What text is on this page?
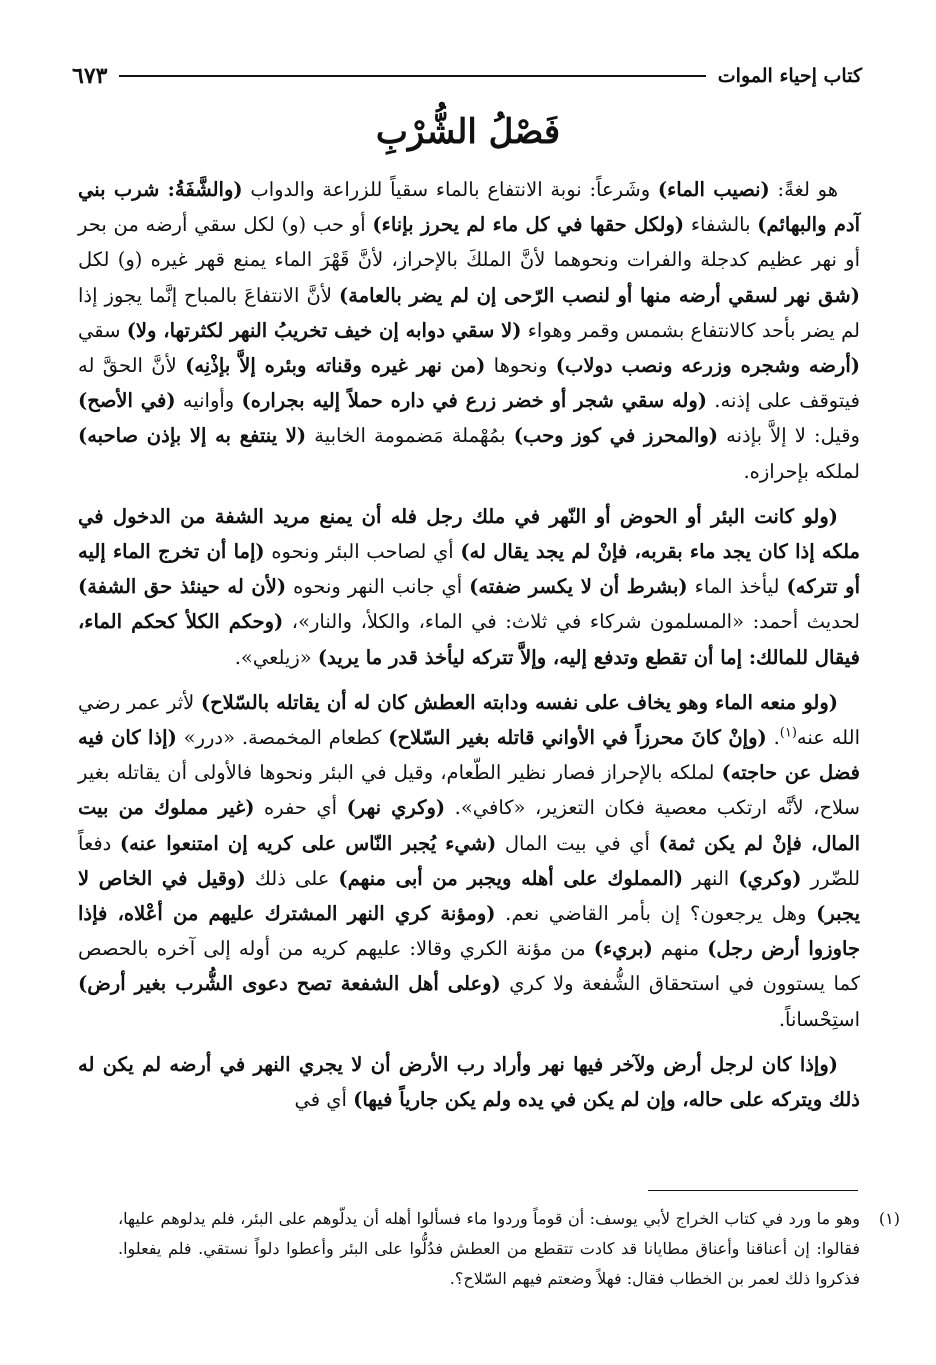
كتاب إحياء الموات
٦٧٣
فَصْلُ الشُّرْبِ

هو لغةً: (نصيب الماء) وشَرعاً: نوبة الانتفاع بالماء سقياً للزراعة والدواب (والشَّفَةُ: شرب بني آدم والبهائم) بالشفاء (ولكل حقها في كل ماء لم يحرز بإناء) أو حب (و) لكل سقي أرضه من بحر أو نهر عظيم كدجلة والفرات ونحوهما لأنَّ الملكَ بالإحراز، لأنَّ قَهْرَ الماء يمنع قهر غيره (و) لكل (شق نهر لسقي أرضه منها أو لنصب الرّحى إن لم يضر بالعامة) لأنَّ الانتفاعَ بالمباح إنَّما يجوز إذا لم يضر بأحد كالانتفاع بشمس وقمر وهواء (لا سقي دوابه إن خيف تخريبُ النهر لكثرتها، ولا) سقي (أرضه وشجره وزرعه ونصب دولاب) ونحوها (من نهر غيره وقناته وبئره إلاَّ بإذْنِه) لأنَّ الحقَّ له فيتوقف على إذنه. (وله سقي شجر أو خضر زرع في داره حملاً إليه بجراره) وأوانيه (في الأصح) وقيل: لا إلاَّ بإذنه (والمحرز في كوز وحب) بمُهْملة مَضمومة الخابية (لا ينتفع به إلا بإذن صاحبه) لملكه بإحرازه.

(ولو كانت البئر أو الحوض أو النّهر في ملك رجل فله أن يمنع مريد الشفة من الدخول في ملكه إذا كان يجد ماء بقربه، فإنْ لم يجد يقال له) أي لصاحب البئر ونحوه (إما أن تخرج الماء إليه أو تتركه) ليأخذ الماء (بشرط أن لا يكسر ضفته) أي جانب النهر ونحوه (لأن له حينئذ حق الشفة) لحديث أحمد: «المسلمون شركاء في ثلاث: في الماء، والكلأ، والنار»، (وحكم الكلأ كحكم الماء، فيقال للمالك: إما أن تقطع وتدفع إليه، وإلاَّ تتركه ليأخذ قدر ما يريد) «زيلعي».

(ولو منعه الماء وهو يخاف على نفسه ودابته العطش كان له أن يقاتله بالسّلاح) لأثر عمر رضي الله عنه$^{(١)}$. (وإنْ كانَ محرزاً في الأواني قاتله بغير السّلاح) كطعام المخمصة. «درر» (إذا كان فيه فضل عن حاجته) لملكه بالإحراز فصار نظير الطّعام، وقيل في البئر ونحوها فالأولى أن يقاتله بغير سلاح، لأنَّه ارتكب معصية فكان التعزير، «كافي». (وكري نهر) أي حفره (غير مملوك من بيت المال، فإنْ لم يكن ثمة) أي في بيت المال (شيء يُجبر النّاس على كريه إن امتنعوا عنه) دفعاً للضّرر (وكري) النهر (المملوك على أهله ويجبر من أبى منهم) على ذلك (وقيل في الخاص لا يجبر) وهل يرجعون؟ إن بأمر القاضي نعم. (ومؤنة كري النهر المشترك عليهم من أعْلاه، فإذا جاوزوا أرض رجل) منهم (بريء) من مؤنة الكري وقالا: عليهم كريه من أوله إلى آخره بالحصص كما يستوون في استحقاق الشُّفعة ولا كري (وعلى أهل الشفعة تصح دعوى الشُّرب بغير أرض) استِحْساناً.

(وإذا كان لرجل أرض ولآخر فيها نهر وأراد رب الأرض أن لا يجري النهر في أرضه لم يكن له ذلك ويتركه على حاله، وإن لم يكن في يده ولم يكن جارياً فيها) أي في

(١)
وهو ما ورد في كتاب الخراج لأبي يوسف: أن قوماً وردوا ماء فسألوا أهله أن يدلّوهم على البئر، فلم يدلوهم عليها، فقالوا: إن أعناقنا وأعناق مطايانا قد كادت تتقطع من العطش فدُلُّوا على البئر وأعطوا دلواً نستقي. فلم يفعلوا. فذكروا ذلك لعمر بن الخطاب فقال: فهلاً وضعتم فيهم السّلاح؟.
